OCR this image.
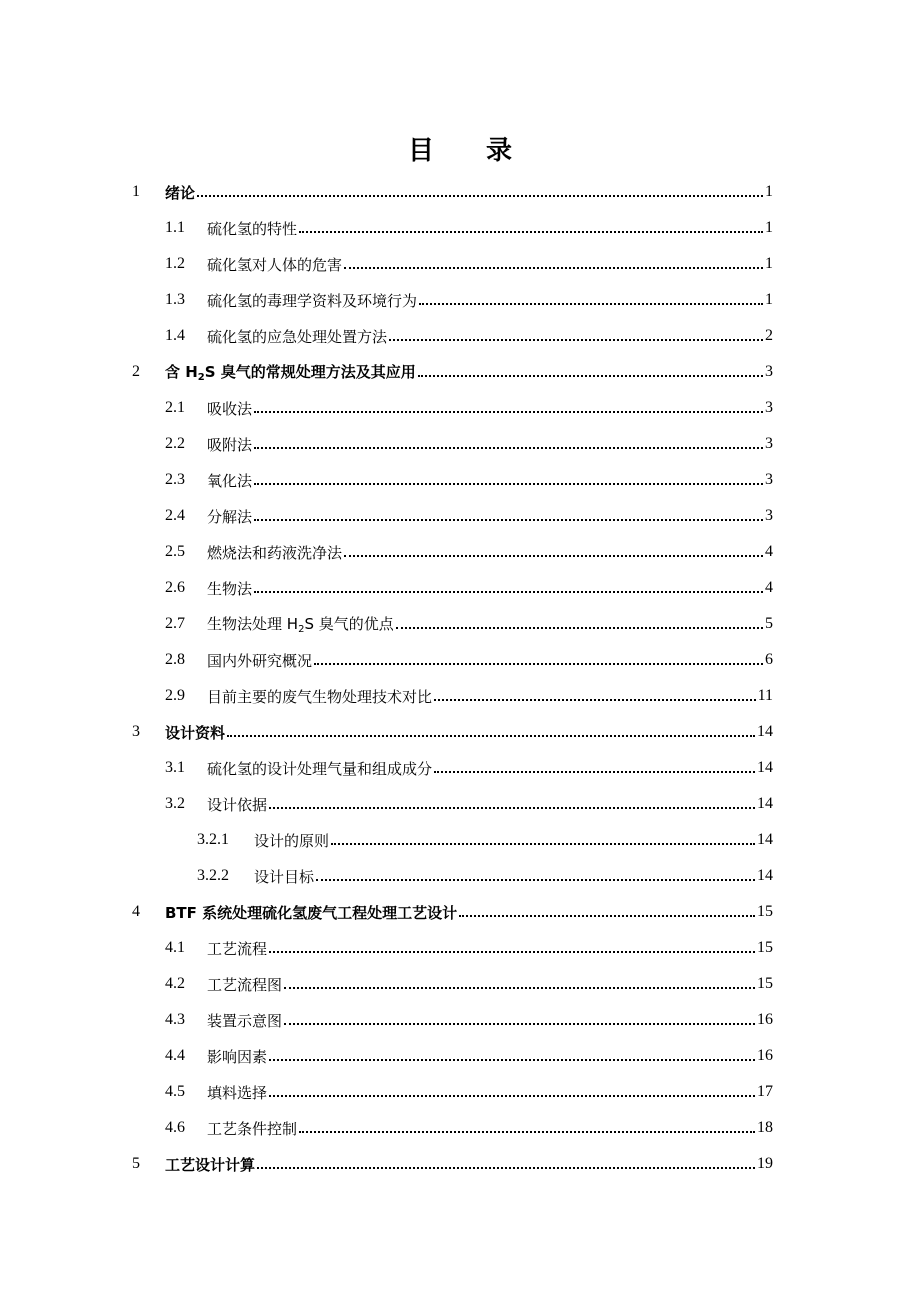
目 录
1	绪论	1
1.1	硫化氢的特性	1
1.2	硫化氢对人体的危害	1
1.3	硫化氢的毒理学资料及环境行为	1
1.4	硫化氢的应急处理处置方法	2
2	含 $H_2S$ 臭气的常规处理方法及其应用	3
2.1	吸收法	3
2.2	吸附法	3
2.3	氧化法	3
2.4	分解法	3
2.5	燃烧法和药液洗净法	4
2.6	生物法	4
2.7	生物法处理 $H_2S$ 臭气的优点	5
2.8	国内外研究概况	6
2.9	目前主要的废气生物处理技术对比	11
3	设计资料	14
3.1	硫化氢的设计处理气量和组成成分	14
3.2	设计依据	14
3.2.1	设计的原则	14
3.2.2	设计目标	14
4	BTF 系统处理硫化氢废气工程处理工艺设计	15
4.1	工艺流程	15
4.2	工艺流程图	15
4.3	装置示意图	16
4.4	影响因素	16
4.5	填料选择	17
4.6	工艺条件控制	18
5	工艺设计计算	19
